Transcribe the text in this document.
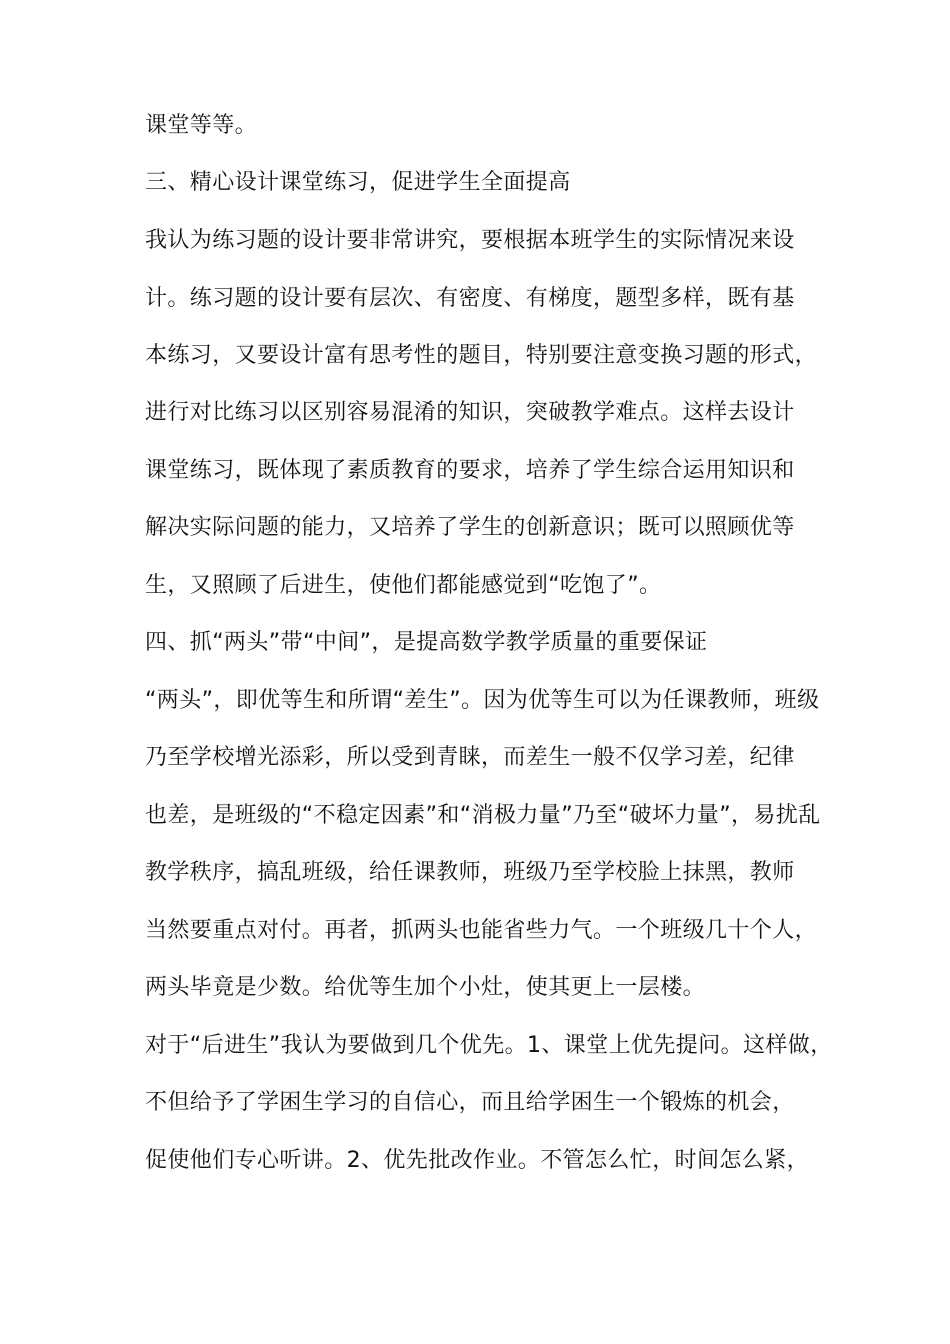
课堂等等。
三、精心设计课堂练习，促进学生全面提高
我认为练习题的设计要非常讲究，要根据本班学生的实际情况来设
计。练习题的设计要有层次、有密度、有梯度，题型多样，既有基
本练习，又要设计富有思考性的题目，特别要注意变换习题的形式，
进行对比练习以区别容易混淆的知识，突破教学难点。这样去设计
课堂练习，既体现了素质教育的要求，培养了学生综合运用知识和
解决实际问题的能力，又培养了学生的创新意识；既可以照顾优等
生，又照顾了后进生，使他们都能感觉到“吃饱了”。
四、抓“两头”带“中间”，是提高数学教学质量的重要保证
“两头”，即优等生和所谓“差生”。因为优等生可以为任课教师，班级
乃至学校增光添彩，所以受到青睐，而差生一般不仅学习差，纪律
也差，是班级的“不稳定因素”和“消极力量”乃至“破坏力量”，易扰乱
教学秩序，搞乱班级，给任课教师，班级乃至学校脸上抹黑，教师
当然要重点对付。再者，抓两头也能省些力气。一个班级几十个人，
两头毕竟是少数。给优等生加个小灶，使其更上一层楼。
对于“后进生”我认为要做到几个优先。1、课堂上优先提问。这样做，
不但给予了学困生学习的自信心，而且给学困生一个锻炼的机会，
促使他们专心听讲。2、优先批改作业。不管怎么忙，时间怎么紧，
